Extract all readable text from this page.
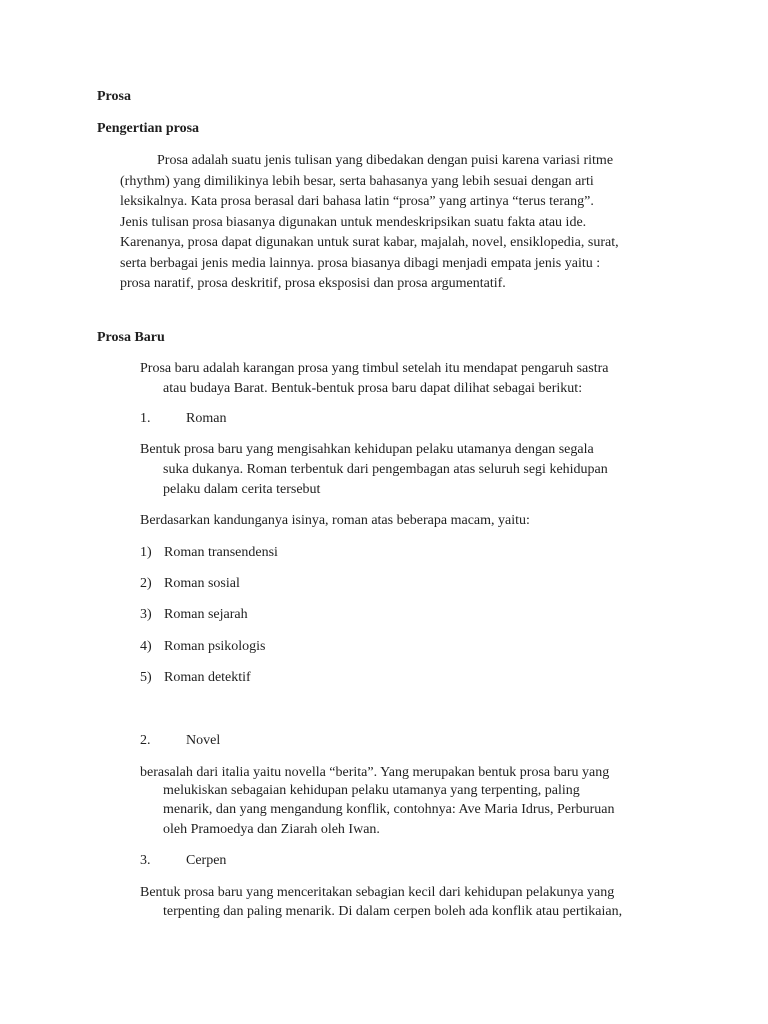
Prosa
Pengertian prosa
Prosa adalah suatu jenis tulisan yang dibedakan dengan puisi karena variasi ritme
(rhythm) yang dimilikinya lebih besar, serta bahasanya yang lebih sesuai dengan arti
leksikalnya. Kata prosa berasal dari bahasa latin “prosa” yang artinya “terus terang”.
Jenis tulisan prosa biasanya digunakan untuk mendeskripsikan suatu fakta atau ide.
Karenanya, prosa dapat digunakan untuk surat kabar, majalah, novel, ensiklopedia, surat,
serta berbagai jenis media lainnya. prosa biasanya dibagi menjadi empata jenis yaitu :
prosa naratif, prosa deskritif, prosa eksposisi dan prosa argumentatif.
Prosa Baru
Prosa baru adalah karangan prosa yang timbul setelah itu mendapat pengaruh sastra
atau budaya Barat. Bentuk-bentuk prosa baru dapat dilihat sebagai berikut:
1.	Roman
Bentuk prosa baru yang mengisahkan kehidupan pelaku utamanya dengan segala
suka dukanya. Roman terbentuk dari pengembagan atas seluruh segi kehidupan
pelaku dalam cerita tersebut
Berdasarkan kandunganya isinya, roman atas beberapa macam, yaitu:
1) Roman transendensi
2) Roman sosial
3) Roman sejarah
4) Roman psikologis
5) Roman detektif
2.	Novel
berasalah dari italia yaitu novella “berita”. Yang merupakan bentuk prosa baru yang
melukiskan sebagaian kehidupan pelaku utamanya yang terpenting, paling
menarik, dan yang mengandung konflik, contohnya: Ave Maria Idrus, Perburuan
oleh Pramoedya dan Ziarah oleh Iwan.
3.	Cerpen
Bentuk prosa baru yang menceritakan sebagian kecil dari kehidupan pelakunya yang
terpenting dan paling menarik. Di dalam cerpen boleh ada konflik atau pertikaian,
